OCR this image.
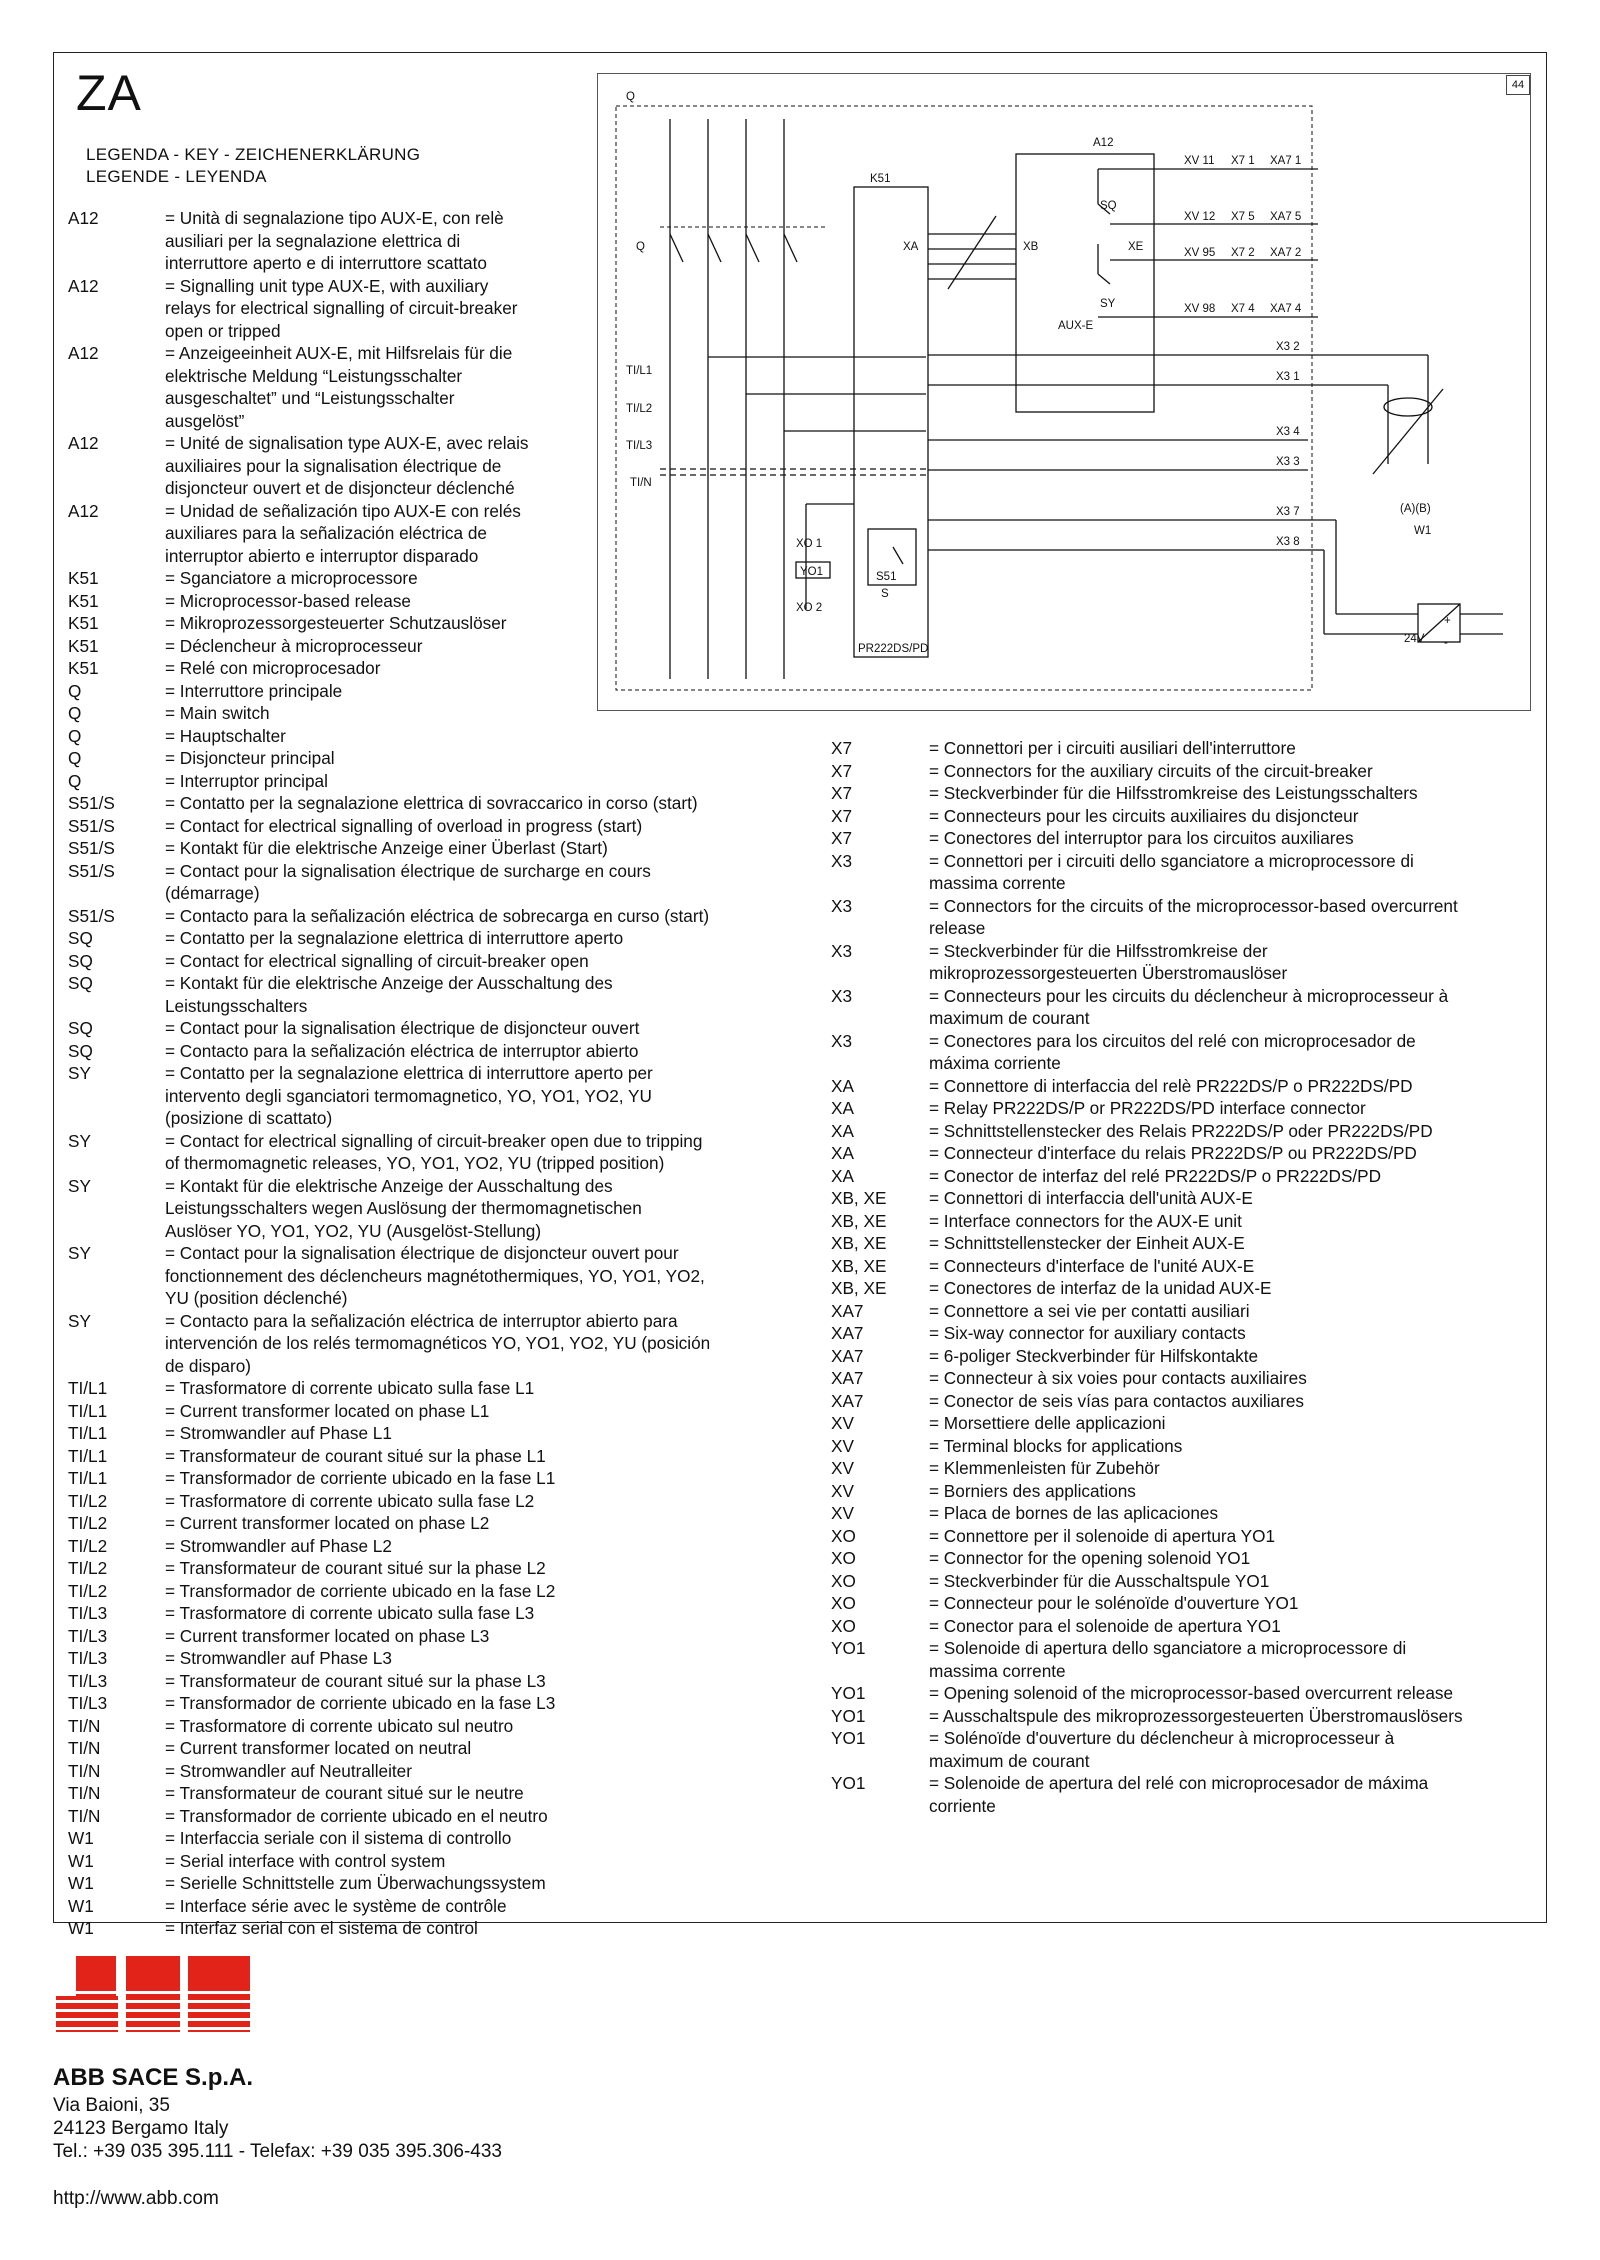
ZA
LEGENDA - KEY - ZEICHENERKLÄRUNG
LEGENDE - LEYENDA
44
Q
Q
A12
K51
XA	XB	XE
SQ
SY
AUX-E
XV 11 X7 1 XA7 1
XV 12 X7 5 XA7 5
XV 95 X7 2 XA7 2
XV 98 X7 4 XA7 4
X3 2
X3 1
X3 4
X3 3
X3 7
X3 8
TI/L1
TI/L2
TI/L3
TI/N
XO 1
YO1
XO 2
S51
S
PR222DS/PD
(A)(B)
W1
24V
+
-
A12	= Unità di segnalazione tipo AUX-E, con relè
ausiliari per la segnalazione elettrica di
interruttore aperto e di interruttore scattato
A12	= Signalling unit type AUX-E, with auxiliary
relays for electrical signalling of circuit-breaker
open or tripped
A12	= Anzeigeeinheit AUX-E, mit Hilfsrelais für die
elektrische Meldung “Leistungsschalter
ausgeschaltet” und “Leistungsschalter
ausgelöst”
A12	= Unité de signalisation type AUX-E, avec relais
auxiliaires pour la signalisation électrique de
disjoncteur ouvert et de disjoncteur déclenché
A12	= Unidad de señalización tipo AUX-E con relés
auxiliares para la señalización eléctrica de
interruptor abierto e interruptor disparado
K51	= Sganciatore a microprocessore
K51	= Microprocessor-based release
K51	= Mikroprozessorgesteuerter Schutzauslöser
K51	= Déclencheur à microprocesseur
K51	= Relé con microprocesador
Q	= Interruttore principale
Q	= Main switch
Q	= Hauptschalter
Q	= Disjoncteur principal
Q	= Interruptor principal
S51/S	= Contatto per la segnalazione elettrica di sovraccarico in corso (start)
S51/S	= Contact for electrical signalling of overload in progress (start)
S51/S	= Kontakt für die elektrische Anzeige einer Überlast (Start)
S51/S	= Contact pour la signalisation électrique de surcharge en cours
(démarrage)
S51/S	= Contacto para la señalización eléctrica de sobrecarga en curso (start)
SQ	= Contatto per la segnalazione elettrica di interruttore aperto
SQ	= Contact for electrical signalling of circuit-breaker open
SQ	= Kontakt für die elektrische Anzeige der Ausschaltung des
Leistungsschalters
SQ	= Contact pour la signalisation électrique de disjoncteur ouvert
SQ	= Contacto para la señalización eléctrica de interruptor abierto
SY	= Contatto per la segnalazione elettrica di interruttore aperto per
intervento degli sganciatori termomagnetico, YO, YO1, YO2, YU
(posizione di scattato)
SY	= Contact for electrical signalling of circuit-breaker open due to tripping
of thermomagnetic releases, YO, YO1, YO2, YU (tripped position)
SY	= Kontakt für die elektrische Anzeige der Ausschaltung des
Leistungsschalters wegen Auslösung der thermomagnetischen
Auslöser YO, YO1, YO2, YU (Ausgelöst-Stellung)
SY	= Contact pour la signalisation électrique de disjoncteur ouvert pour
fonctionnement des déclencheurs magnétothermiques, YO, YO1, YO2,
YU (position déclenché)
SY	= Contacto para la señalización eléctrica de interruptor abierto para
intervención de los relés termomagnéticos YO, YO1, YO2, YU (posición
de disparo)
TI/L1	= Trasformatore di corrente ubicato sulla fase L1
TI/L1	= Current transformer located on phase L1
TI/L1	= Stromwandler auf Phase L1
TI/L1	= Transformateur de courant situé sur la phase L1
TI/L1	= Transformador de corriente ubicado en la fase L1
TI/L2	= Trasformatore di corrente ubicato sulla fase L2
TI/L2	= Current transformer located on phase L2
TI/L2	= Stromwandler auf Phase L2
TI/L2	= Transformateur de courant situé sur la phase L2
TI/L2	= Transformador de corriente ubicado en la fase L2
TI/L3	= Trasformatore di corrente ubicato sulla fase L3
TI/L3	= Current transformer located on phase L3
TI/L3	= Stromwandler auf Phase L3
TI/L3	= Transformateur de courant situé sur la phase L3
TI/L3	= Transformador de corriente ubicado en la fase L3
TI/N	= Trasformatore di corrente ubicato sul neutro
TI/N	= Current transformer located on neutral
TI/N	= Stromwandler auf Neutralleiter
TI/N	= Transformateur de courant situé sur le neutre
TI/N	= Transformador de corriente ubicado en el neutro
W1	= Interfaccia seriale con il sistema di controllo
W1	= Serial interface with control system
W1	= Serielle Schnittstelle zum Überwachungssystem
W1	= Interface série avec le système de contrôle
W1	= Interfaz serial con el sistema de control
X7	= Connettori per i circuiti ausiliari dell'interruttore
X7	= Connectors for the auxiliary circuits of the circuit-breaker
X7	= Steckverbinder für die Hilfsstromkreise des Leistungsschalters
X7	= Connecteurs pour les circuits auxiliaires du disjoncteur
X7	= Conectores del interruptor para los circuitos auxiliares
X3	= Connettori per i circuiti dello sganciatore a microprocessore di
massima corrente
X3	= Connectors for the circuits of the microprocessor-based overcurrent
release
X3	= Steckverbinder für die Hilfsstromkreise der
mikroprozessorgesteuerten Überstromauslöser
X3	= Connecteurs pour les circuits du déclencheur à microprocesseur à
maximum de courant
X3	= Conectores para los circuitos del relé con microprocesador de
máxima corriente
XA	= Connettore di interfaccia del relè PR222DS/P o PR222DS/PD
XA	= Relay PR222DS/P or PR222DS/PD interface connector
XA	= Schnittstellenstecker des Relais PR222DS/P oder PR222DS/PD
XA	= Connecteur d'interface du relais PR222DS/P ou PR222DS/PD
XA	= Conector de interfaz del relé PR222DS/P o PR222DS/PD
XB, XE	= Connettori di interfaccia dell'unità AUX-E
XB, XE	= Interface connectors for the AUX-E unit
XB, XE	= Schnittstellenstecker der Einheit AUX-E
XB, XE	= Connecteurs d'interface de l'unité AUX-E
XB, XE	= Conectores de interfaz de la unidad AUX-E
XA7	= Connettore a sei vie per contatti ausiliari
XA7	= Six-way connector for auxiliary contacts
XA7	= 6-poliger Steckverbinder für Hilfskontakte
XA7	= Connecteur à six voies pour contacts auxiliaires
XA7	= Conector de seis vías para contactos auxiliares
XV	= Morsettiere delle applicazioni
XV	= Terminal blocks for applications
XV	= Klemmenleisten für Zubehör
XV	= Borniers des applications
XV	= Placa de bornes de las aplicaciones
XO	= Connettore per il solenoide di apertura YO1
XO	= Connector for the opening solenoid YO1
XO	= Steckverbinder für die Ausschaltspule YO1
XO	= Connecteur pour le solénoïde d'ouverture YO1
XO	= Conector para el solenoide de apertura YO1
YO1	= Solenoide di apertura dello sganciatore a microprocessore di
massima corrente
YO1	= Opening solenoid of the microprocessor-based overcurrent release
YO1	= Ausschaltspule des mikroprozessorgesteuerten Überstromauslösers
YO1	= Solénoïde d'ouverture du déclencheur à microprocesseur à
maximum de courant
YO1	= Solenoide de apertura del relé con microprocesador de máxima
corriente
ABB SACE S.p.A.
Via Baioni, 35
24123 Bergamo Italy
Tel.: +39 035 395.111 - Telefax: +39 035 395.306-433
http://www.abb.com
